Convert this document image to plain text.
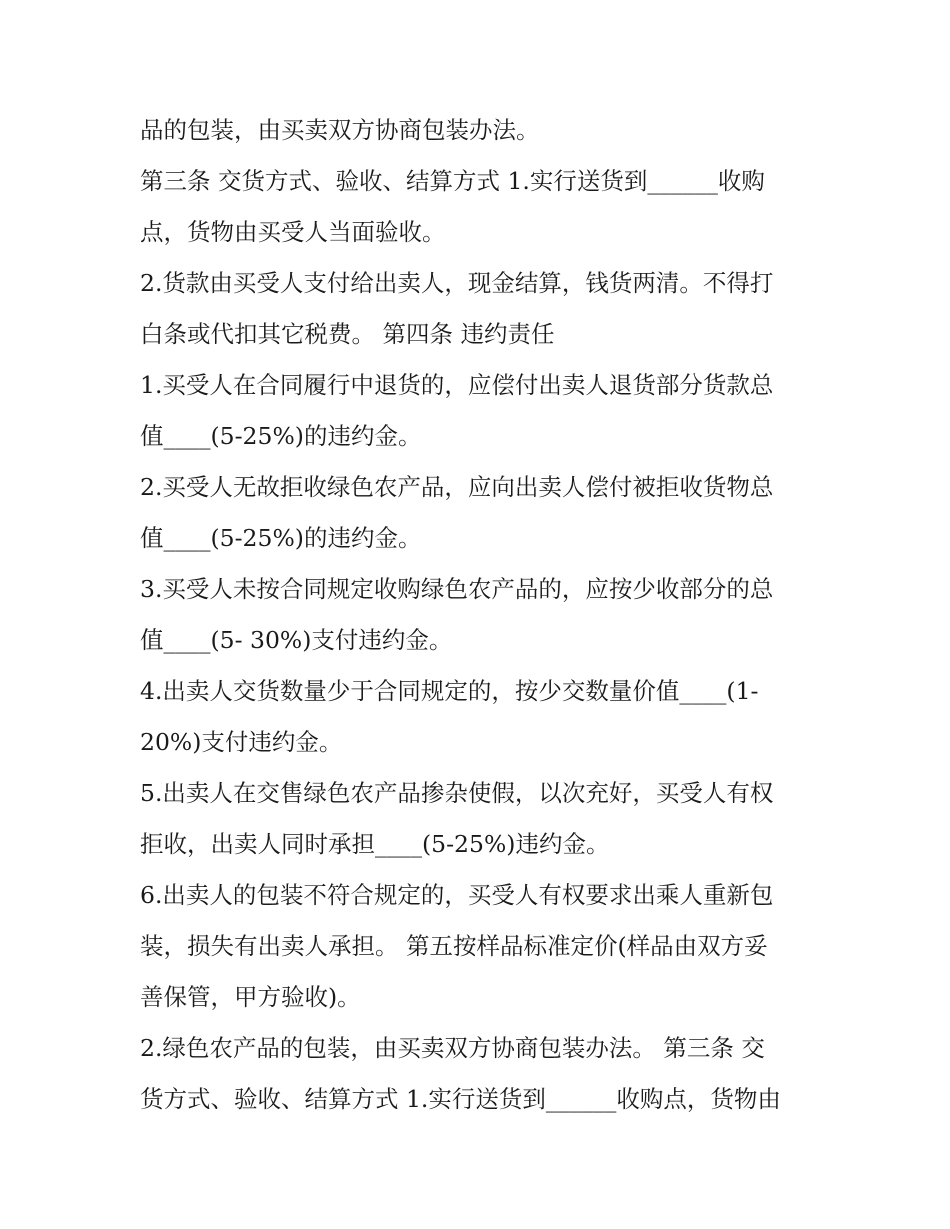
品的包装，由买卖双方协商包装办法。
第三条 交货方式、验收、结算方式 1.实行送货到______收购
点，货物由买受人当面验收。
2.货款由买受人支付给出卖人，现金结算，钱货两清。不得打
白条或代扣其它税费。 第四条 违约责任
1.买受人在合同履行中退货的，应偿付出卖人退货部分货款总
值____(5-25%)的违约金。
2.买受人无故拒收绿色农产品，应向出卖人偿付被拒收货物总
值____(5-25%)的违约金。
3.买受人未按合同规定收购绿色农产品的，应按少收部分的总
值____(5- 30%)支付违约金。
4.出卖人交货数量少于合同规定的，按少交数量价值____(1-
20%)支付违约金。
5.出卖人在交售绿色农产品掺杂使假，以次充好，买受人有权
拒收，出卖人同时承担____(5-25%)违约金。
6.出卖人的包装不符合规定的，买受人有权要求出乘人重新包
装，损失有出卖人承担。 第五按样品标准定价(样品由双方妥
善保管，甲方验收)。
2.绿色农产品的包装，由买卖双方协商包装办法。 第三条 交
货方式、验收、结算方式 1.实行送货到______收购点，货物由
